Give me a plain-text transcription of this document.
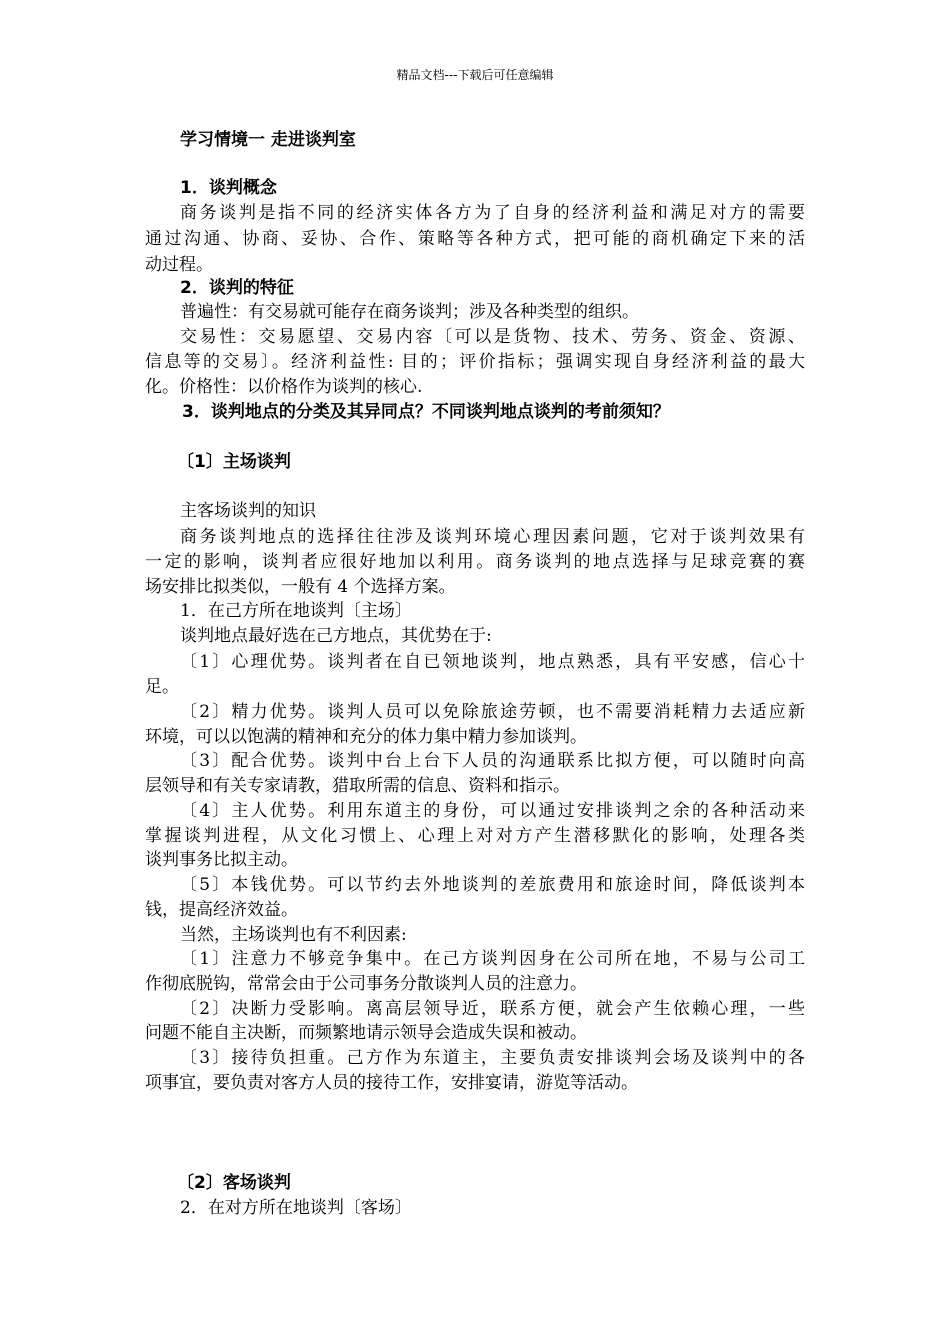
精品文档---下载后可任意编辑
学习情境一 走进谈判室
1．谈判概念
商务谈判是指不同的经济实体各方为了自身的经济利益和满足对方的需要
通过沟通、协商、妥协、合作、策略等各种方式，把可能的商机确定下来的活
动过程。
2．谈判的特征
普遍性：有交易就可能存在商务谈判；涉及各种类型的组织。
交易性：交易愿望、交易内容〔可以是货物、技术、劳务、资金、资源、
信息等的交易〕。经济利益性: 目的；评价指标；强调实现自身经济利益的最大
化。价格性：以价格作为谈判的核心.
3．谈判地点的分类及其异同点？不同谈判地点谈判的考前须知？
〔1〕主场谈判
主客场谈判的知识
商务谈判地点的选择往往涉及谈判环境心理因素问题，它对于谈判效果有
一定的影响，谈判者应很好地加以利用。商务谈判的地点选择与足球竞赛的赛
场安排比拟类似，一般有 4 个选择方案。
1．在己方所在地谈判〔主场〕
谈判地点最好选在己方地点，其优势在于:
〔1〕心理优势。谈判者在自已领地谈判，地点熟悉，具有平安感，信心十
足。
〔2〕精力优势。谈判人员可以免除旅途劳顿，也不需要消耗精力去适应新
环境，可以以饱满的精神和充分的体力集中精力参加谈判。
〔3〕配合优势。谈判中台上台下人员的沟通联系比拟方便，可以随时向高
层领导和有关专家请教，猎取所需的信息、资料和指示。
〔4〕主人优势。利用东道主的身份，可以通过安排谈判之余的各种活动来
掌握谈判进程，从文化习惯上、心理上对对方产生潜移默化的影响，处理各类
谈判事务比拟主动。
〔5〕本钱优势。可以节约去外地谈判的差旅费用和旅途时间，降低谈判本
钱，提高经济效益。
当然，主场谈判也有不利因素:
〔1〕注意力不够竞争集中。在己方谈判因身在公司所在地，不易与公司工
作彻底脱钩，常常会由于公司事务分散谈判人员的注意力。
〔2〕决断力受影响。离高层领导近，联系方便，就会产生依赖心理，一些
问题不能自主决断，而频繁地请示领导会造成失误和被动。
〔3〕接待负担重。己方作为东道主，主要负责安排谈判会场及谈判中的各
项事宜，要负责对客方人员的接待工作，安排宴请，游览等活动。
〔2〕客场谈判
2．在对方所在地谈判〔客场〕
